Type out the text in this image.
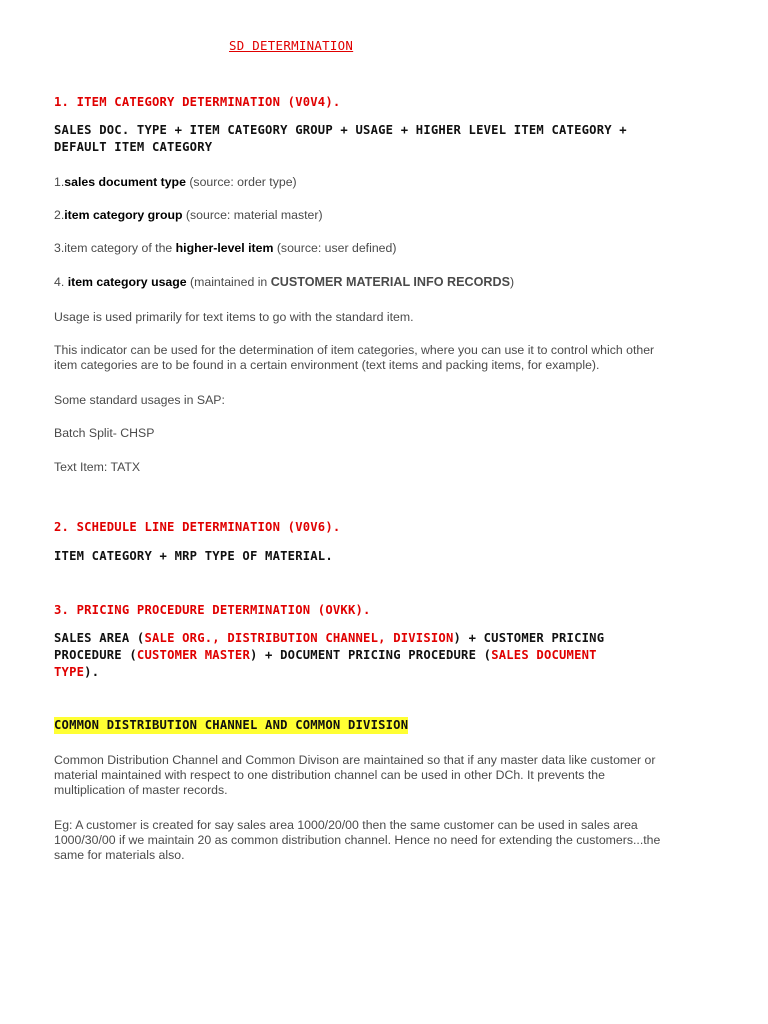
SD DETERMINATION
1. ITEM CATEGORY DETERMINATION (V0V4).
SALES DOC. TYPE + ITEM CATEGORY GROUP + USAGE + HIGHER LEVEL ITEM CATEGORY +
DEFAULT ITEM CATEGORY
1.sales document type (source: order type)
2.item category group (source: material master)
3.item category of the higher-level item (source: user defined)
4. item category usage (maintained in CUSTOMER MATERIAL INFO RECORDS)
Usage is used primarily for text items to go with the standard item.
This indicator can be used for the determination of item categories, where you can use it to control which other
item categories are to be found in a certain environment (text items and packing items, for example).
Some standard usages in SAP:
Batch Split- CHSP
Text Item: TATX
2. SCHEDULE LINE DETERMINATION (V0V6).
ITEM CATEGORY + MRP TYPE OF MATERIAL.
3. PRICING PROCEDURE DETERMINATION (OVKK).
SALES AREA (SALE ORG., DISTRIBUTION CHANNEL, DIVISION) + CUSTOMER PRICING
PROCEDURE (CUSTOMER MASTER) + DOCUMENT PRICING PROCEDURE (SALES DOCUMENT
TYPE).
COMMON DISTRIBUTION CHANNEL AND COMMON DIVISION
Common Distribution Channel and Common Divison are maintained so that if any master data like customer or
material maintained with respect to one distribution channel can be used in other DCh. It prevents the
multiplication of master records.
Eg: A customer is created for say sales area 1000/20/00 then the same customer can be used in sales area
1000/30/00 if we maintain 20 as common distribution channel. Hence no need for extending the customers...the
same for materials also.
